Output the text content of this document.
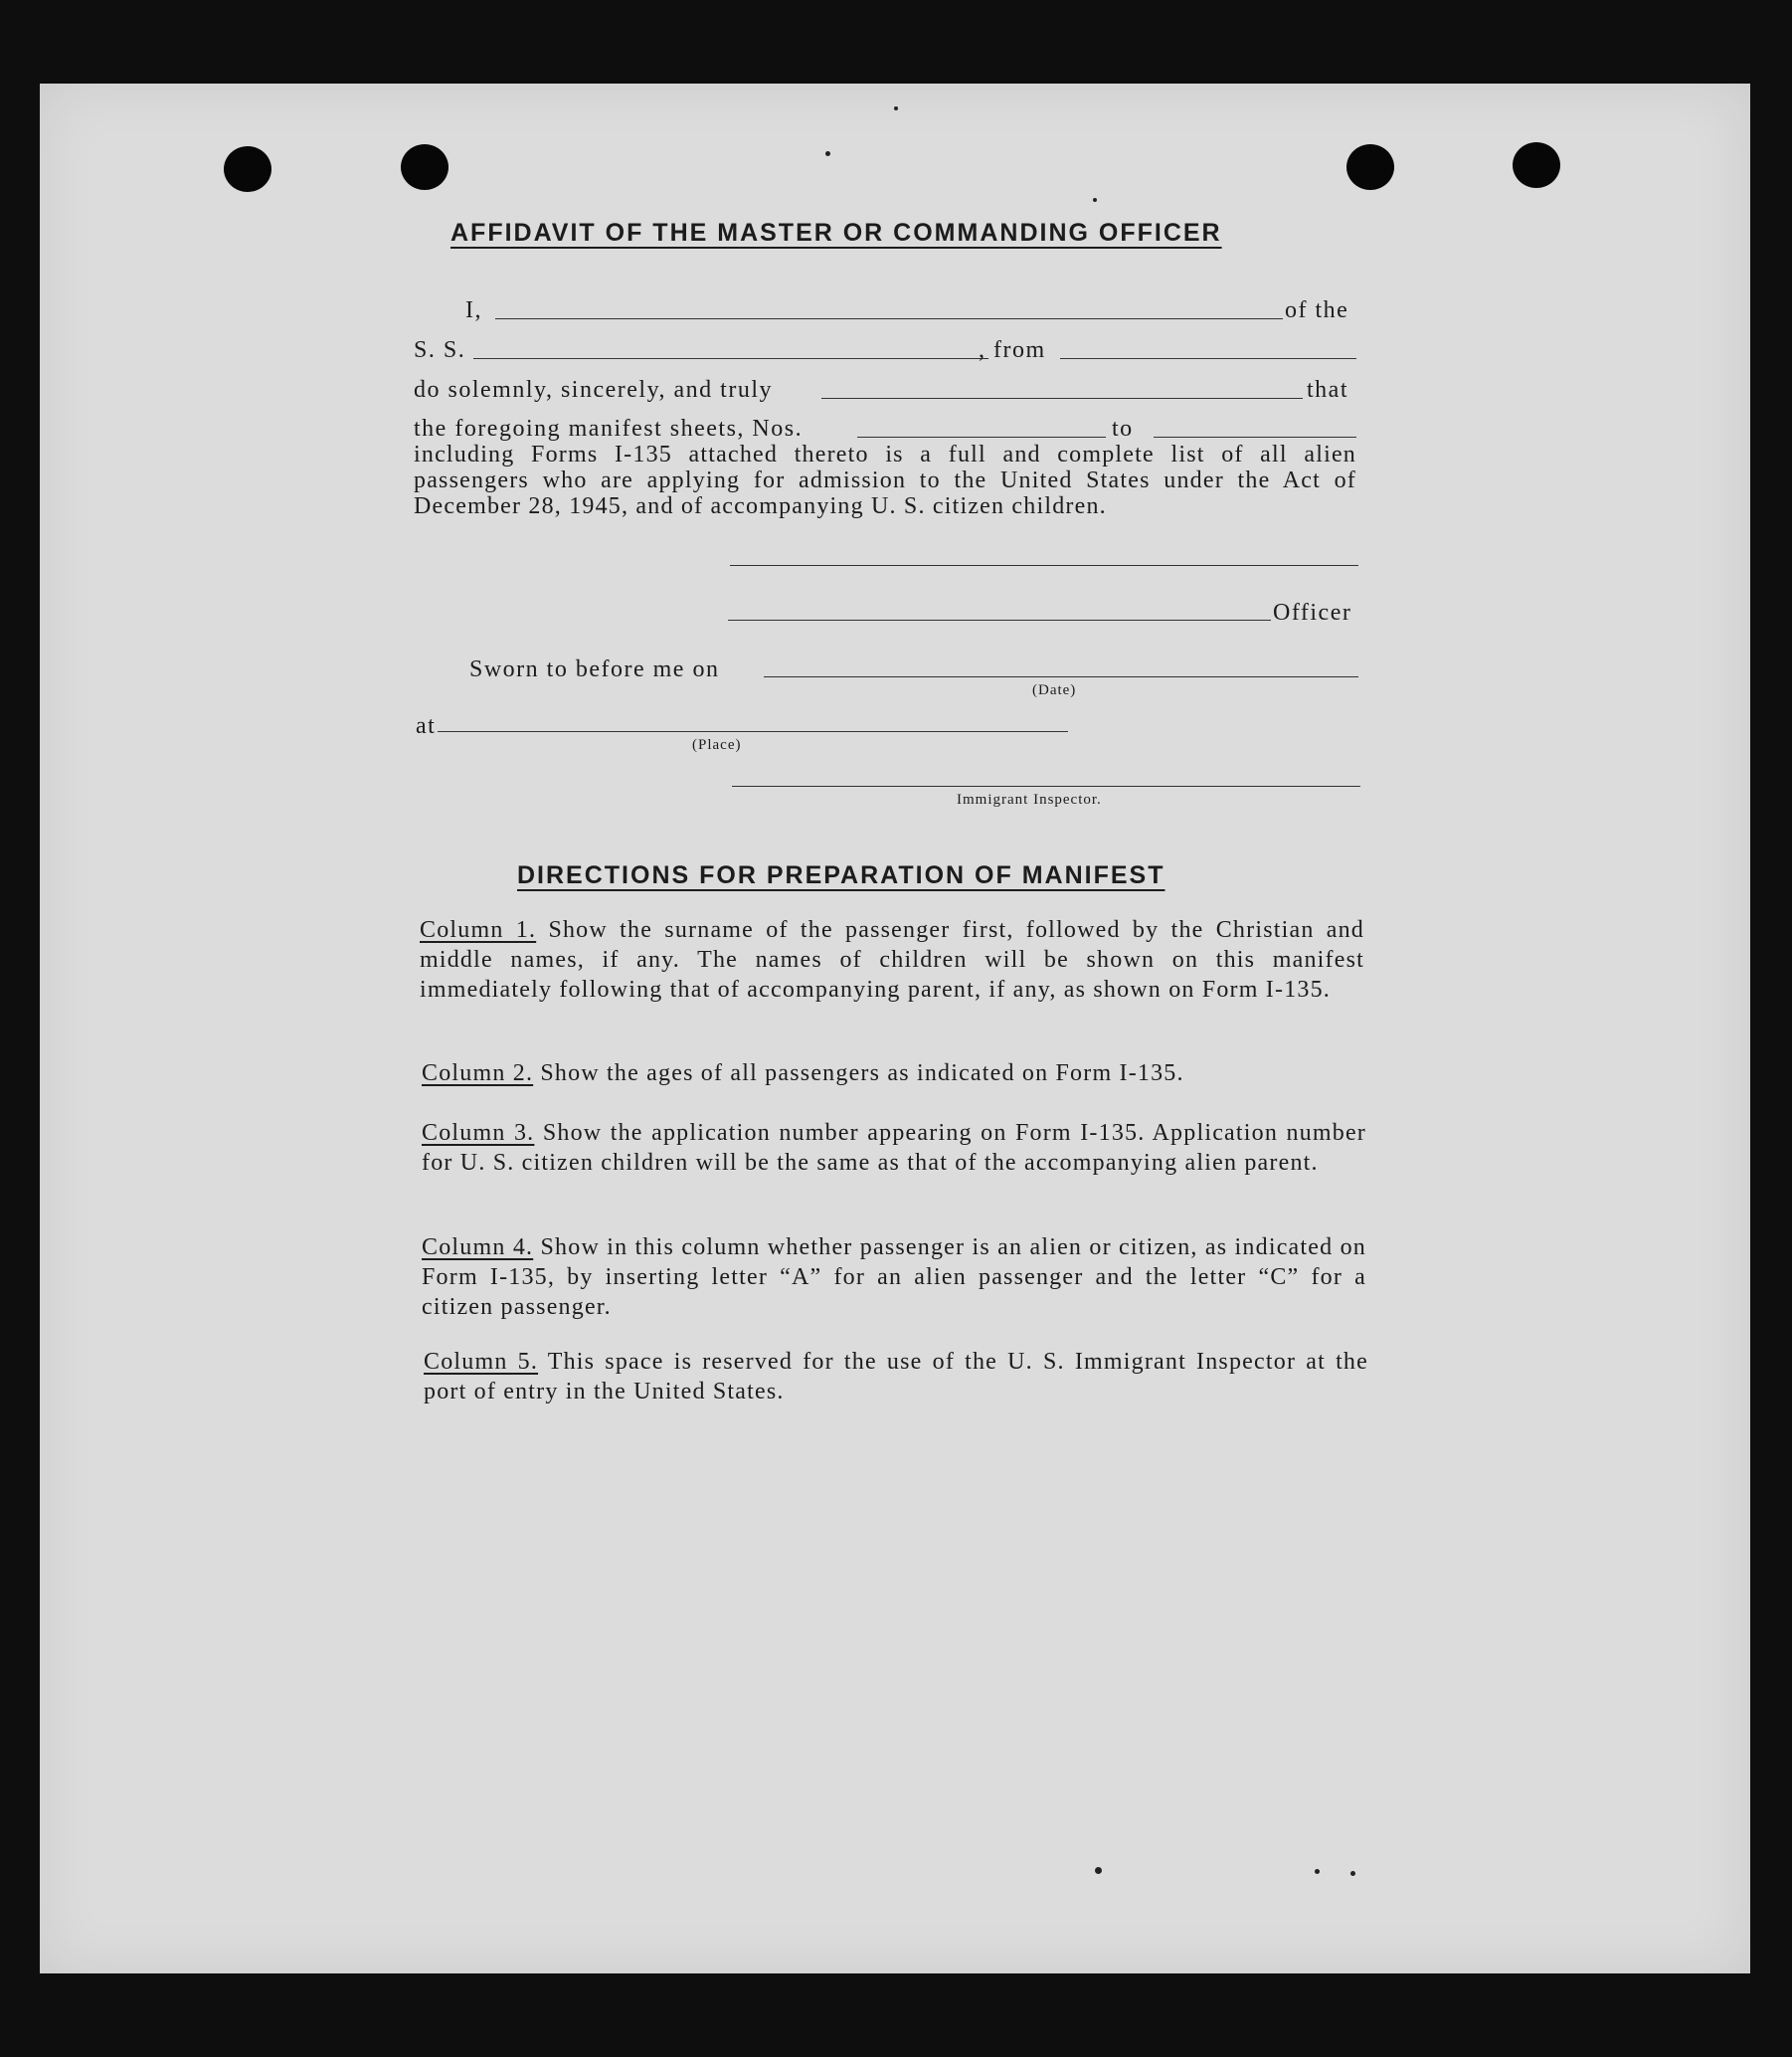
AFFIDAVIT OF THE MASTER OR COMMANDING OFFICER
I,	of the
S. S.	, from
do solemnly, sincerely, and truly	that
the foregoing manifest sheets, Nos.	to
including Forms I-135 attached thereto is a full and complete list of all alien passengers who are applying for admission to the United States under the Act of December 28, 1945, and of accompanying U. S. citizen children.
Officer
Sworn to before me on
(Date)
at
(Place)
Immigrant Inspector.
DIRECTIONS FOR PREPARATION OF MANIFEST
Column 1. Show the surname of the passenger first, followed by the Christian and middle names, if any. The names of children will be shown on this manifest immediately following that of accompanying parent, if any, as shown on Form I-135.
Column 2. Show the ages of all passengers as indicated on Form I-135.
Column 3. Show the application number appearing on Form I-135. Application number for U. S. citizen children will be the same as that of the accompanying alien parent.
Column 4. Show in this column whether passenger is an alien or citizen, as indicated on Form I-135, by inserting letter “A” for an alien passenger and the letter “C” for a citizen passenger.
Column 5. This space is reserved for the use of the U. S. Immigrant Inspector at the port of entry in the United States.
